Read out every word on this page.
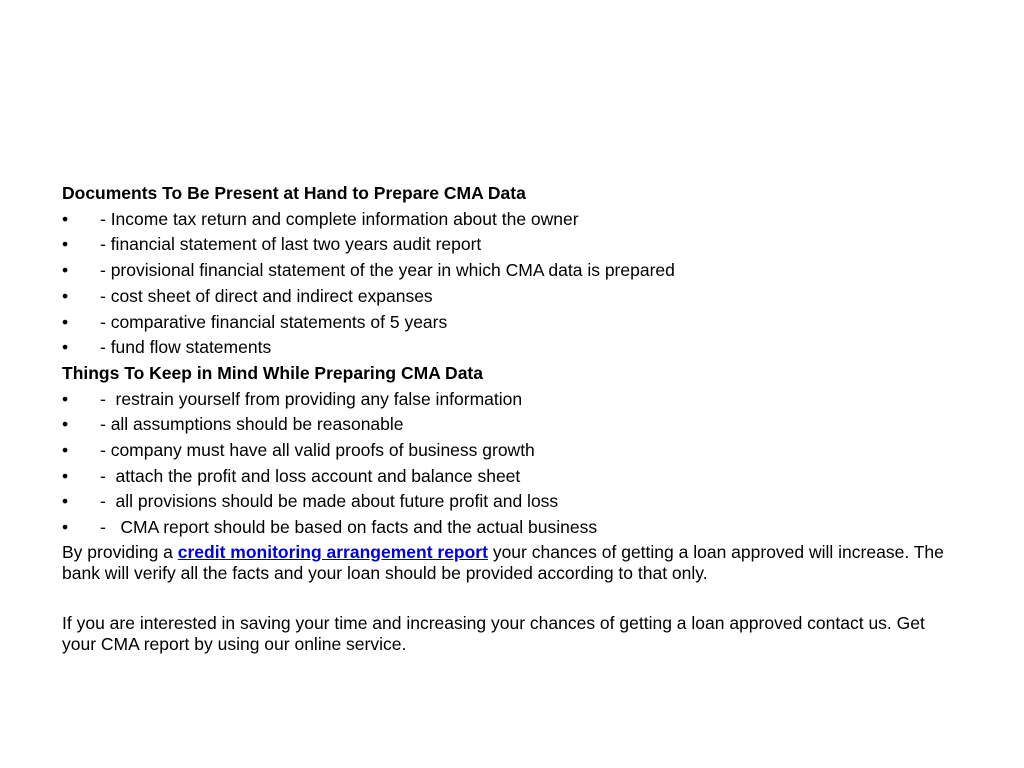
Documents To Be Present at Hand to Prepare CMA Data

• - Income tax return and complete information about the owner
• - financial statement of last two years audit report
• - provisional financial statement of the year in which CMA data is prepared
• - cost sheet of direct and indirect expanses
• - comparative financial statements of 5 years
• - fund flow statements

Things To Keep in Mind While Preparing CMA Data

• -  restrain yourself from providing any false information
• - all assumptions should be reasonable
• - company must have all valid proofs of business growth
• -  attach the profit and loss account and balance sheet
• -  all provisions should be made about future profit and loss
• -   CMA report should be based on facts and the actual business

By providing a credit monitoring arrangement report your chances of getting a loan approved will increase. The bank will verify all the facts and your loan should be provided according to that only.

If you are interested in saving your time and increasing your chances of getting a loan approved contact us. Get your CMA report by using our online service.
